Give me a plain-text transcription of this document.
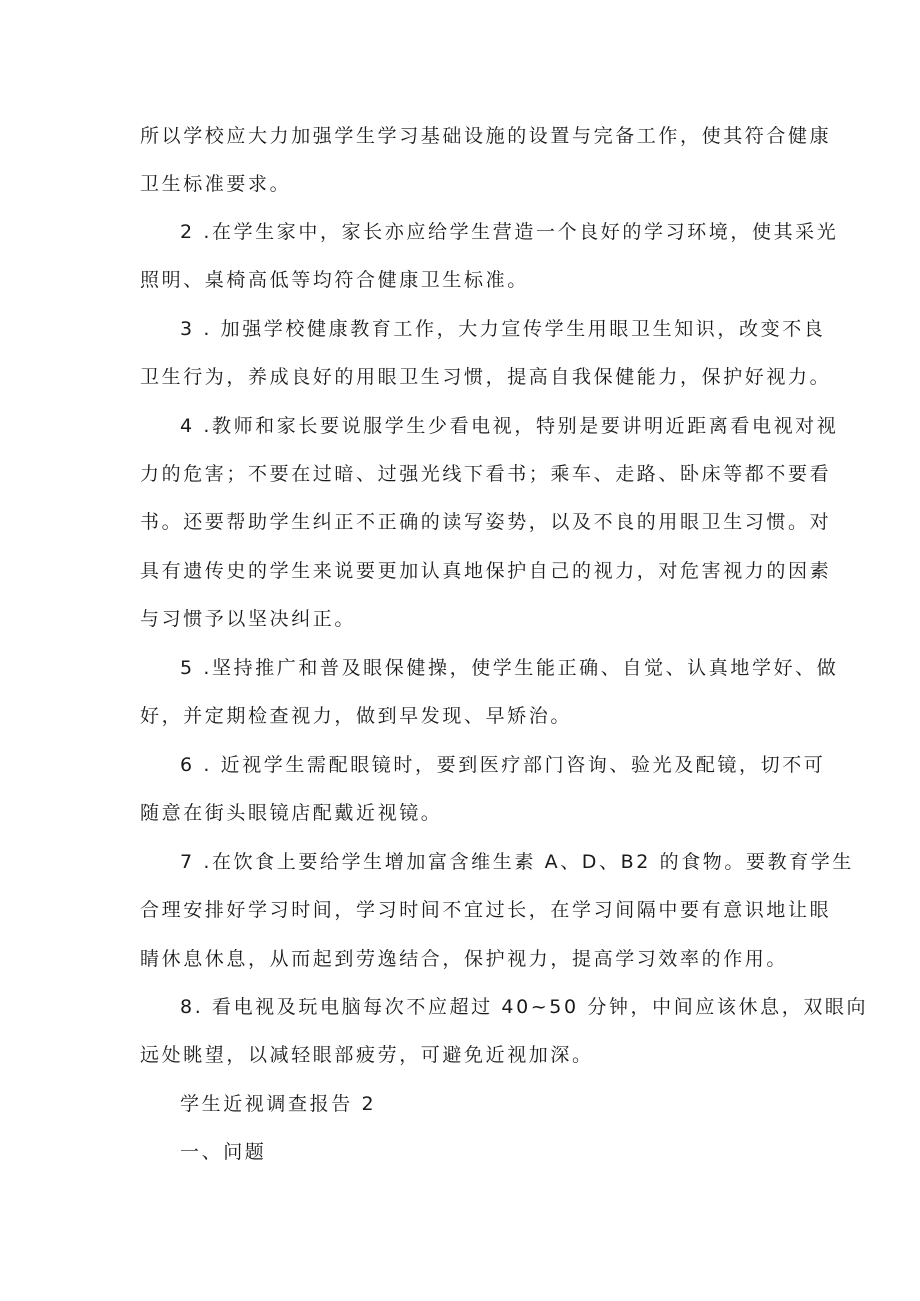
所以学校应大力加强学生学习基础设施的设置与完备工作，使其符合健康
卫生标准要求。
2 .在学生家中，家长亦应给学生营造一个良好的学习环境，使其采光
照明、桌椅高低等均符合健康卫生标准。
3 . 加强学校健康教育工作，大力宣传学生用眼卫生知识，改变不良
卫生行为，养成良好的用眼卫生习惯，提高自我保健能力，保护好视力。
4 .教师和家长要说服学生少看电视，特别是要讲明近距离看电视对视
力的危害；不要在过暗、过强光线下看书；乘车、走路、卧床等都不要看
书。还要帮助学生纠正不正确的读写姿势，以及不良的用眼卫生习惯。对
具有遗传史的学生来说要更加认真地保护自己的视力，对危害视力的因素
与习惯予以坚决纠正。
5 .坚持推广和普及眼保健操，使学生能正确、自觉、认真地学好、做
好，并定期检查视力，做到早发现、早矫治。
6 . 近视学生需配眼镜时，要到医疗部门咨询、验光及配镜，切不可
随意在街头眼镜店配戴近视镜。
7 .在饮食上要给学生增加富含维生素 A、D、B2 的食物。要教育学生
合理安排好学习时间，学习时间不宜过长，在学习间隔中要有意识地让眼
睛休息休息，从而起到劳逸结合，保护视力，提高学习效率的作用。
8. 看电视及玩电脑每次不应超过 40~50 分钟，中间应该休息，双眼向
远处眺望，以减轻眼部疲劳，可避免近视加深。
学生近视调查报告 2
一、问题
